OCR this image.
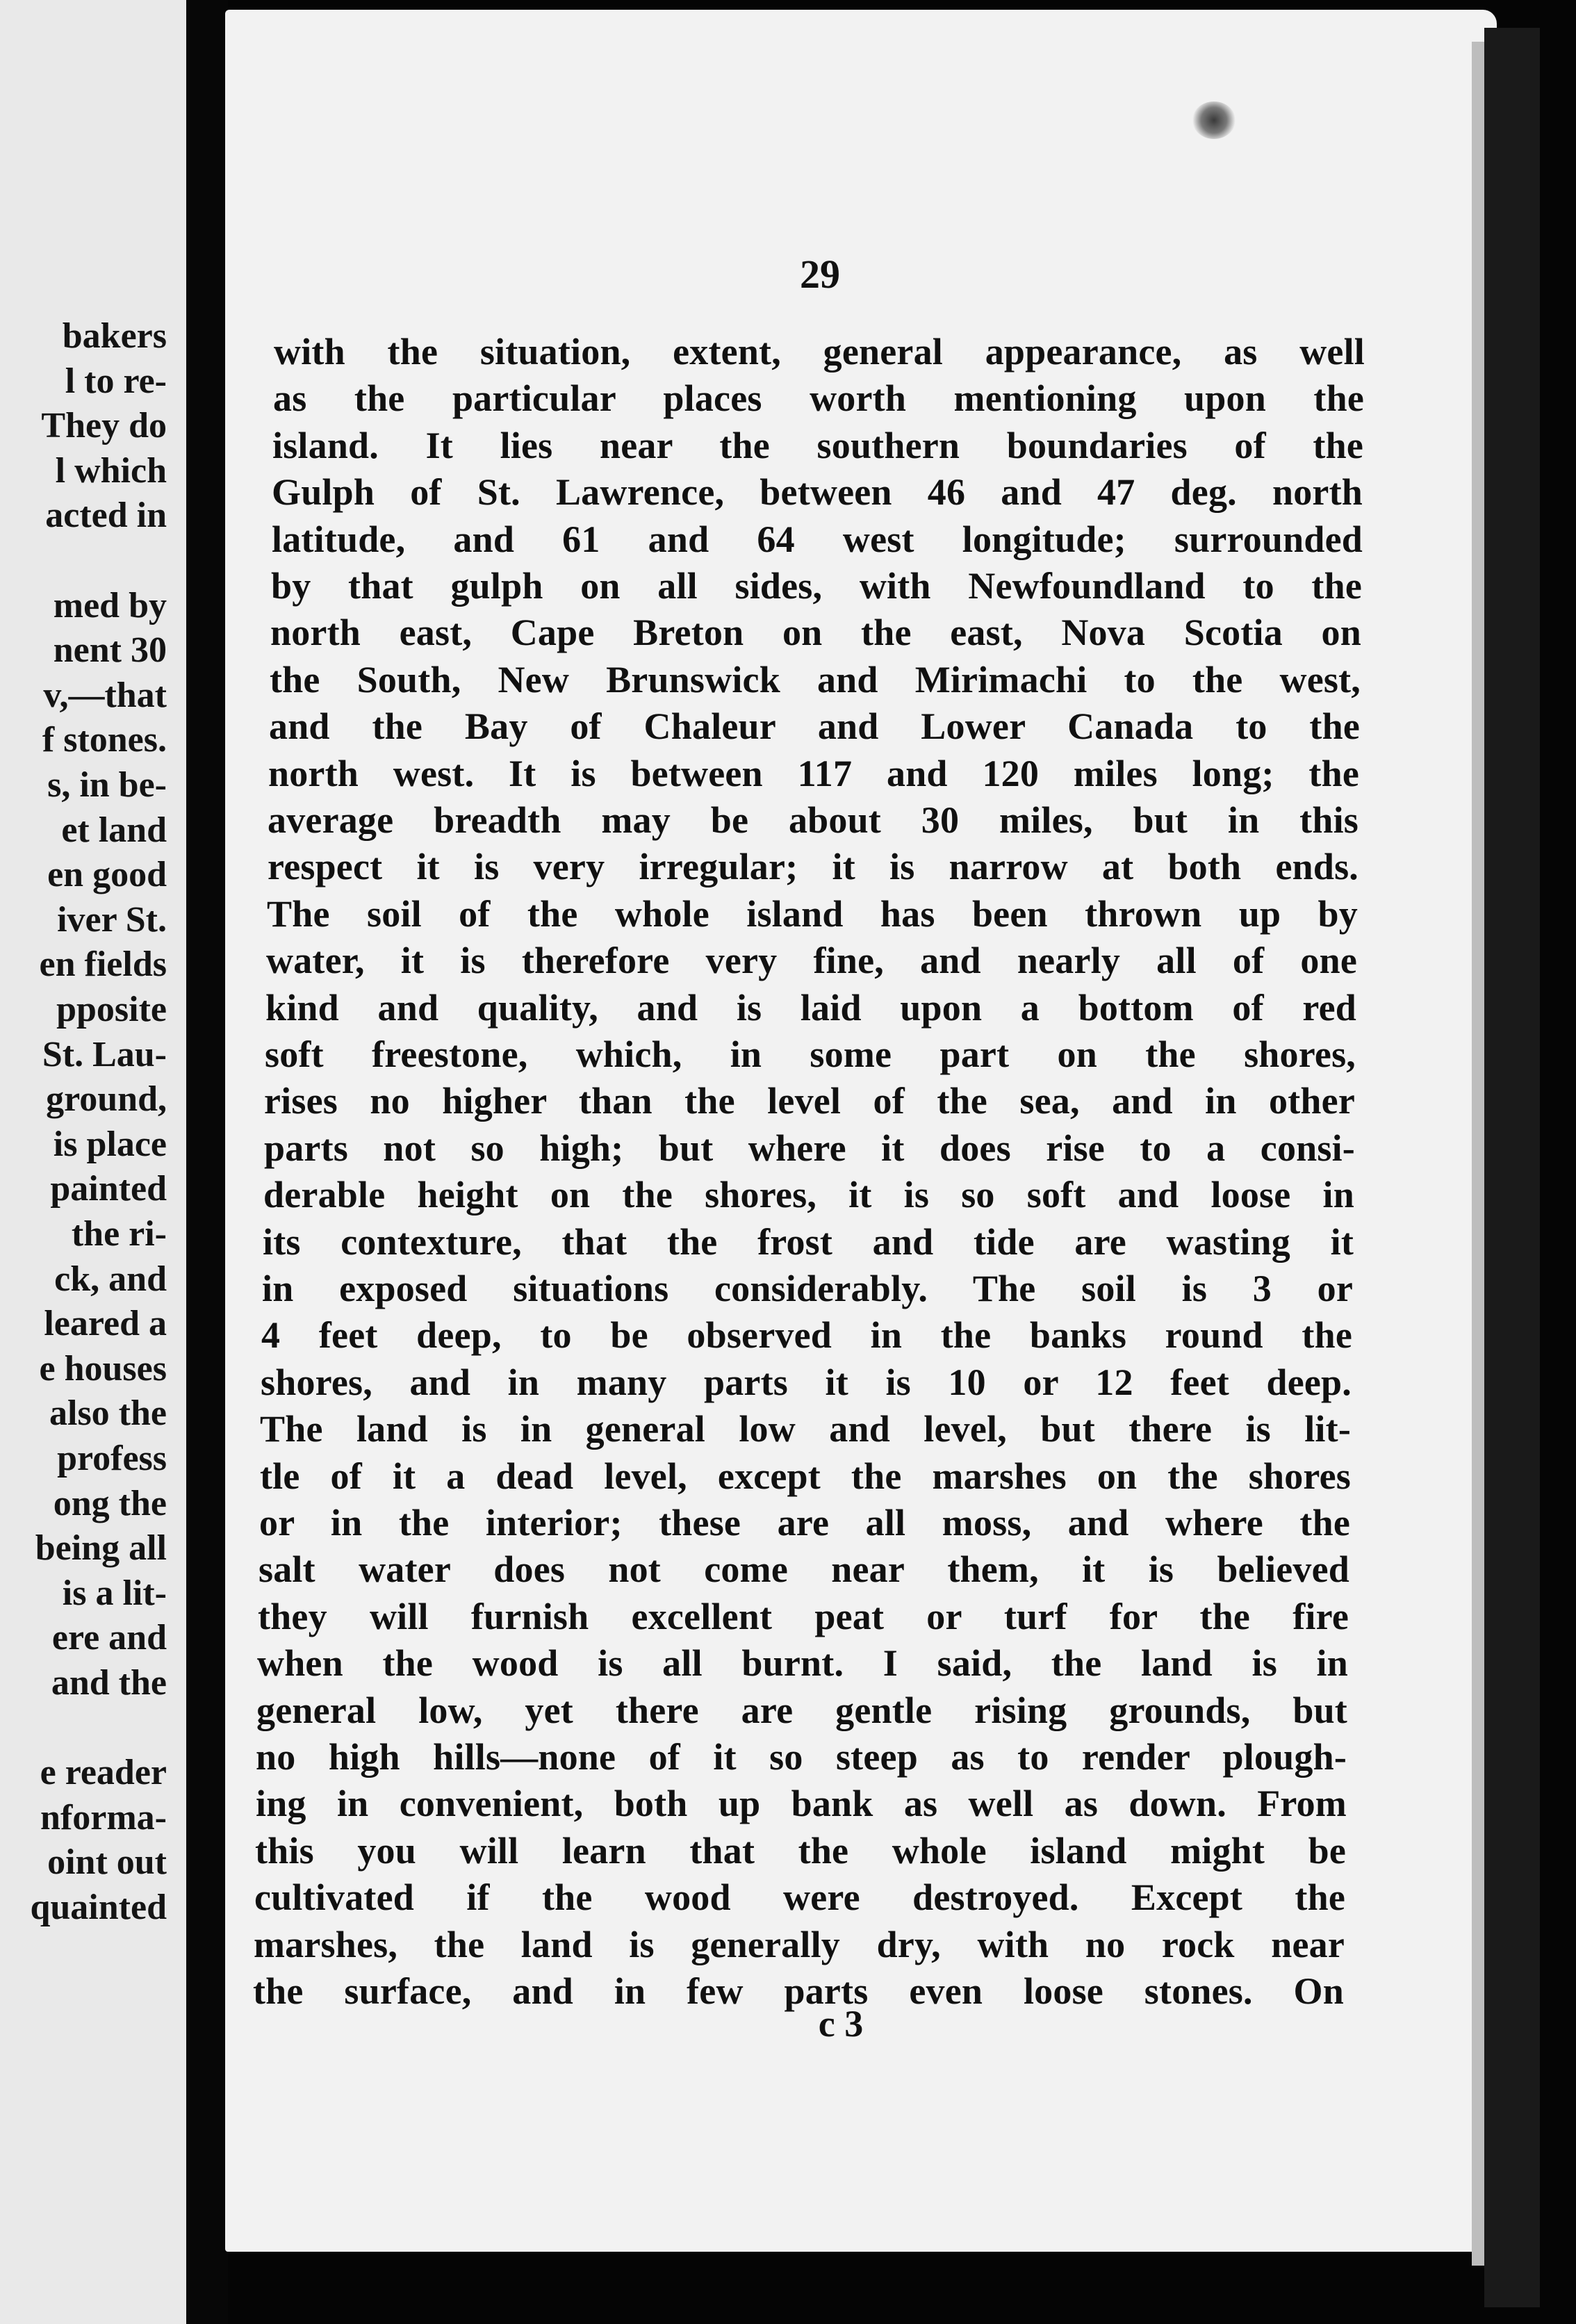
bakers
l to re-
They do
l which
acted in
med by
nent 30
v,—that
f stones.
s, in be-
et land
en good
iver St.
en fields
pposite
St. Lau-
ground,
is place
painted
the ri-
ck, and
leared a
e houses
also the
profess
ong the
being all
is a lit-
ere and
and the
e reader
nforma-
oint out
quainted
29
with the situation, extent, general appearance, as well
as the particular places worth mentioning upon the
island. It lies near the southern boundaries of the
Gulph of St. Lawrence, between 46 and 47 deg. north
latitude, and 61 and 64 west longitude; surrounded
by that gulph on all sides, with Newfoundland to the
north east, Cape Breton on the east, Nova Scotia on
the South, New Brunswick and Mirimachi to the west,
and the Bay of Chaleur and Lower Canada to the
north west. It is between 117 and 120 miles long; the
average breadth may be about 30 miles, but in this
respect it is very irregular; it is narrow at both ends.
The soil of the whole island has been thrown up by
water, it is therefore very fine, and nearly all of one
kind and quality, and is laid upon a bottom of red
soft freestone, which, in some part on the shores,
rises no higher than the level of the sea, and in other
parts not so high; but where it does rise to a consi-
derable height on the shores, it is so soft and loose in
its contexture, that the frost and tide are wasting it
in exposed situations considerably. The soil is 3 or
4 feet deep, to be observed in the banks round the
shores, and in many parts it is 10 or 12 feet deep.
The land is in general low and level, but there is lit-
tle of it a dead level, except the marshes on the shores
or in the interior; these are all moss, and where the
salt water does not come near them, it is believed
they will furnish excellent peat or turf for the fire
when the wood is all burnt. I said, the land is in
general low, yet there are gentle rising grounds, but
no high hills—none of it so steep as to render plough-
ing in convenient, both up bank as well as down. From
this you will learn that the whole island might be
cultivated if the wood were destroyed. Except the
marshes, the land is generally dry, with no rock near
the surface, and in few parts even loose stones. On
c 3
